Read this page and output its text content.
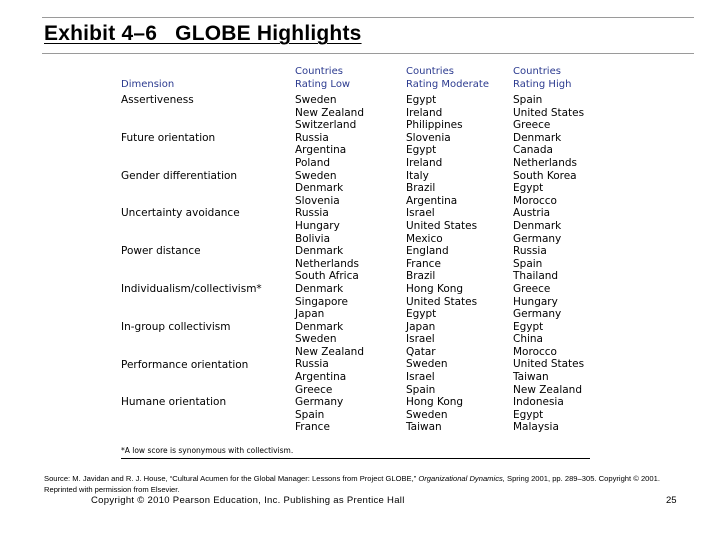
Exhibit 4–6   GLOBE Highlights
Dimension
Countries
Rating Low
Countries
Rating Moderate
Countries
Rating High
Assertiveness
Future orientation
Gender differentiation
Uncertainty avoidance
Power distance
Individualism/collectivism*
In-group collectivism
Performance orientation
Humane orientation
Sweden
New Zealand
Switzerland
Russia
Argentina
Poland
Sweden
Denmark
Slovenia
Russia
Hungary
Bolivia
Denmark
Netherlands
South Africa
Denmark
Singapore
Japan
Denmark
Sweden
New Zealand
Russia
Argentina
Greece
Germany
Spain
France
Egypt
Ireland
Philippines
Slovenia
Egypt
Ireland
Italy
Brazil
Argentina
Israel
United States
Mexico
England
France
Brazil
Hong Kong
United States
Egypt
Japan
Israel
Qatar
Sweden
Israel
Spain
Hong Kong
Sweden
Taiwan
Spain
United States
Greece
Denmark
Canada
Netherlands
South Korea
Egypt
Morocco
Austria
Denmark
Germany
Russia
Spain
Thailand
Greece
Hungary
Germany
Egypt
China
Morocco
United States
Taiwan
New Zealand
Indonesia
Egypt
Malaysia
*A low score is synonymous with collectivism.
Source: M. Javidan and R. J. House, “Cultural Acumen for the Global Manager: Lessons from Project GLOBE,” Organizational Dynamics, Spring 2001, pp. 289–305. Copyright © 2001. Reprinted with permission from Elsevier.
Copyright © 2010 Pearson Education, Inc. Publishing as Prentice Hall	25
